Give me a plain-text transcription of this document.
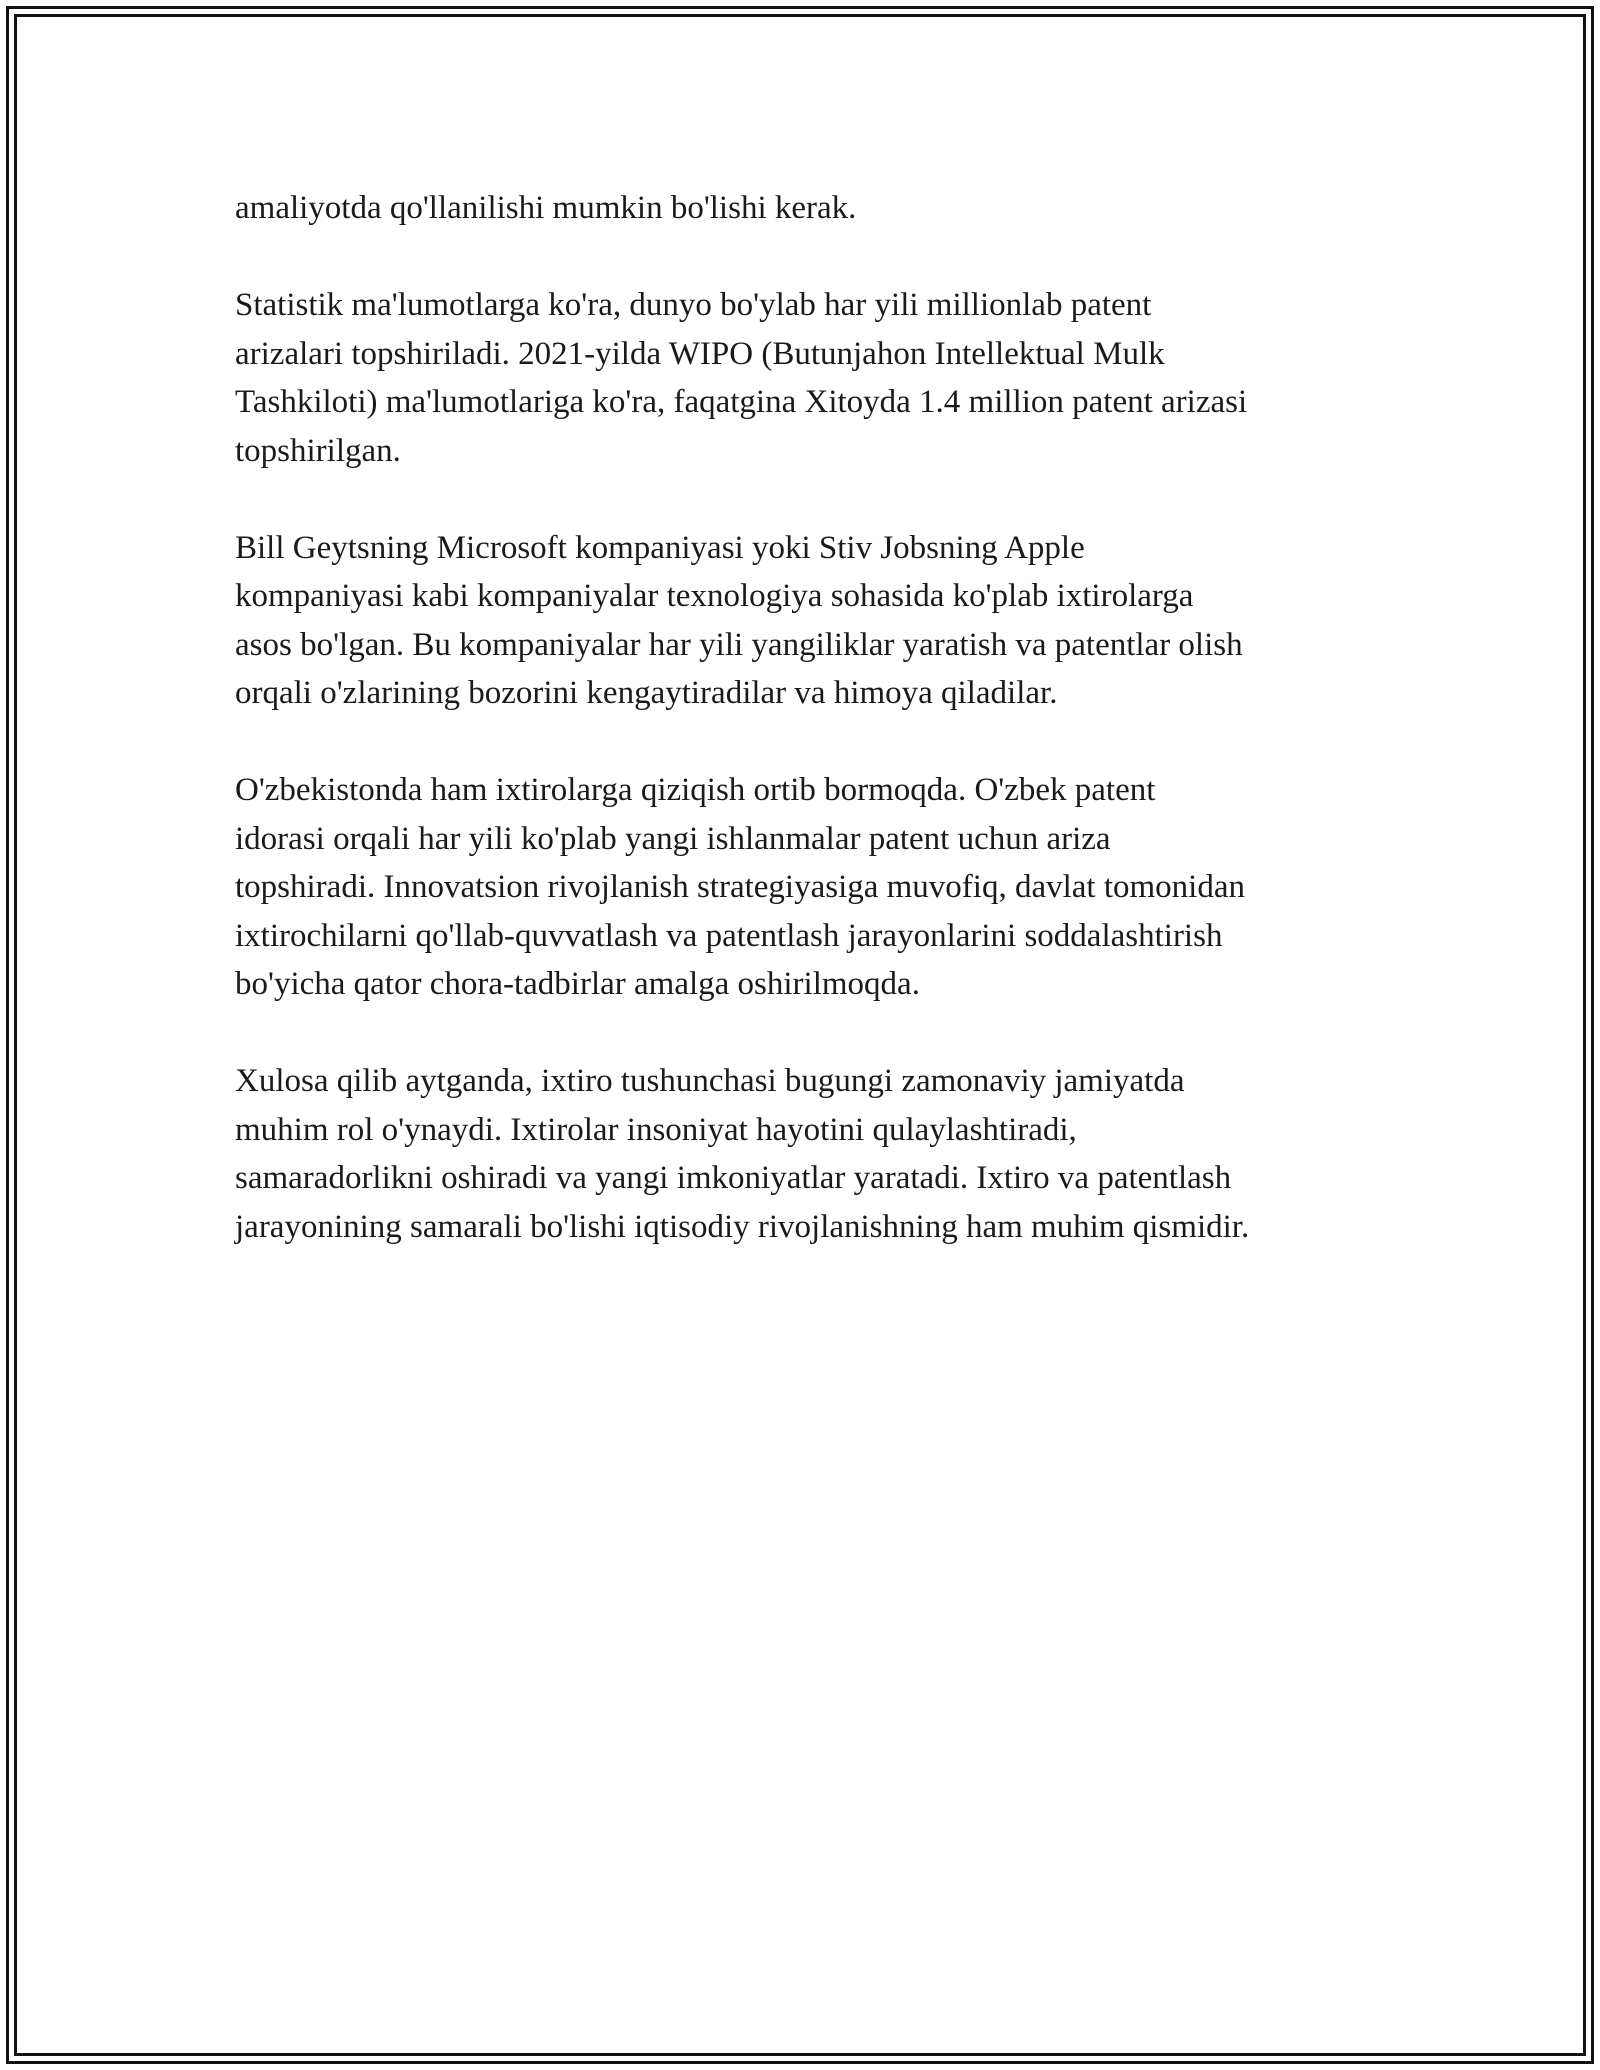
amaliyotda qo'llanilishi mumkin bo'lishi kerak.

Statistik ma'lumotlarga ko'ra, dunyo bo'ylab har yili millionlab patent
arizalari topshiriladi. 2021-yilda WIPO (Butunjahon Intellektual Mulk
Tashkiloti) ma'lumotlariga ko'ra, faqatgina Xitoyda 1.4 million patent arizasi
topshirilgan.

Bill Geytsning Microsoft kompaniyasi yoki Stiv Jobsning Apple
kompaniyasi kabi kompaniyalar texnologiya sohasida ko'plab ixtirolarga
asos bo'lgan. Bu kompaniyalar har yili yangiliklar yaratish va patentlar olish
orqali o'zlarining bozorini kengaytiradilar va himoya qiladilar.

O'zbekistonda ham ixtirolarga qiziqish ortib bormoqda. O'zbek patent
idorasi orqali har yili ko'plab yangi ishlanmalar patent uchun ariza
topshiradi. Innovatsion rivojlanish strategiyasiga muvofiq, davlat tomonidan
ixtirochilarni qo'llab-quvvatlash va patentlash jarayonlarini soddalashtirish
bo'yicha qator chora-tadbirlar amalga oshirilmoqda.

Xulosa qilib aytganda, ixtiro tushunchasi bugungi zamonaviy jamiyatda
muhim rol o'ynaydi. Ixtirolar insoniyat hayotini qulaylashtiradi,
samaradorlikni oshiradi va yangi imkoniyatlar yaratadi. Ixtiro va patentlash
jarayonining samarali bo'lishi iqtisodiy rivojlanishning ham muhim qismidir.
